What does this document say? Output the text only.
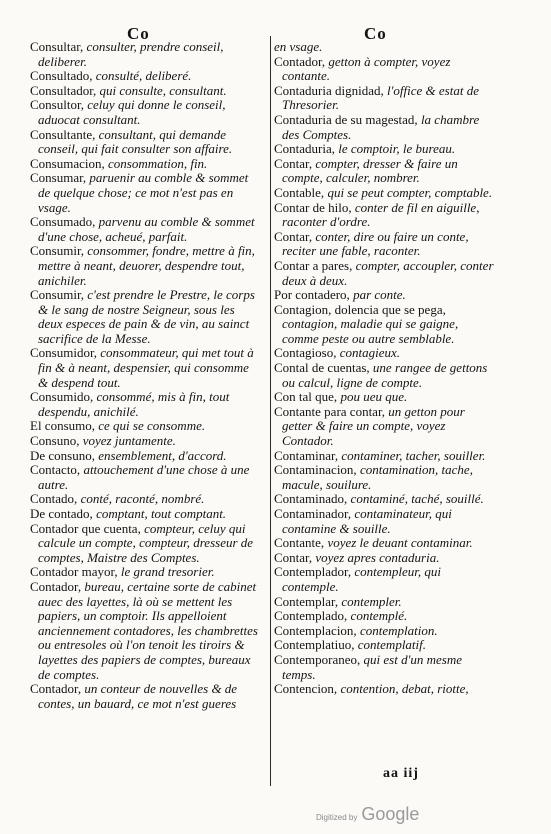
Co	Co

Consultar, consulter, prendre conseil, deliberer.

Consultado, consulté, deliberé.

Consultador, qui consulte, consultant.

Consultor, celuy qui donne le conseil, aduocat consultant.

Consultante, consultant, qui demande conseil, qui fait consulter son affaire.

Consumacion, consommation, fin.

Consumar, paruenir au comble & sommet de quelque chose; ce mot n'est pas en vsage.

Consumado, parvenu au comble & sommet d'une chose, acheué, parfait.

Consumir, consommer, fondre, mettre à fin, mettre à neant, deuorer, despendre tout, anichiler.

Consumir, c'est prendre le Prestre, le corps & le sang de nostre Seigneur, sous les deux especes de pain & de vin, au sainct sacrifice de la Messe.

Consumidor, consommateur, qui met tout à fin & à neant, despensier, qui consomme & despend tout.

Consumido, consommé, mis à fin, tout despendu, anichilé.

El consumo, ce qui se consomme.

Consuno, voyez juntamente.

De consuno, ensemblement, d'accord.

Contacto, attouchement d'une chose à une autre.

Contado, conté, raconté, nombré.

De contado, comptant, tout comptant.

Contador que cuenta, compteur, celuy qui calcule un compte, compteur, dresseur de comptes, Maistre des Comptes.

Contador mayor, le grand tresorier.

Contador, bureau, certaine sorte de cabinet auec des layettes, là où se mettent les papiers, un comptoir. Ils appelloient anciennement contadores, les chambrettes ou entresoles où l'on tenoit les tiroirs & layettes des papiers de comptes, bureaux de comptes.

Contador, un conteur de nouvelles & de contes, un bauard, ce mot n'est gueres

en vsage.

Contador, getton à compter, voyez contante.

Contaduria dignidad, l'office & estat de Thresorier.

Contaduria de su magestad, la chambre des Comptes.

Contaduria, le comptoir, le bureau.

Contar, compter, dresser & faire un compte, calculer, nombrer.

Contable, qui se peut compter, comptable.

Contar de hilo, conter de fil en aiguille, raconter d'ordre.

Contar, conter, dire ou faire un conte, reciter une fable, raconter.

Contar a pares, compter, accoupler, conter deux à deux.

Por contadero, par conte.

Contagion, dolencia que se pega, contagion, maladie qui se gaigne, comme peste ou autre semblable.

Contagioso, contagieux.

Contal de cuentas, une rangee de gettons ou calcul, ligne de compte.

Con tal que, pou ueu que.

Contante para contar, un getton pour getter & faire un compte, voyez Contador.

Contaminar, contaminer, tacher, souiller.

Contaminacion, contamination, tache, macule, souilure.

Contaminado, contaminé, taché, souillé.

Contaminador, contaminateur, qui contamine & souille.

Contante, voyez le deuant contaminar.

Contar, voyez apres contaduria.

Contemplador, contempleur, qui contemple.

Contemplar, contempler.

Contemplado, contemplé.

Contemplacion, contemplation.

Contemplatiuo, contemplatif.

Contemporaneo, qui est d'un mesme temps.

Contencion, contention, debat, riotte,

aa iij
Digitized by Google
